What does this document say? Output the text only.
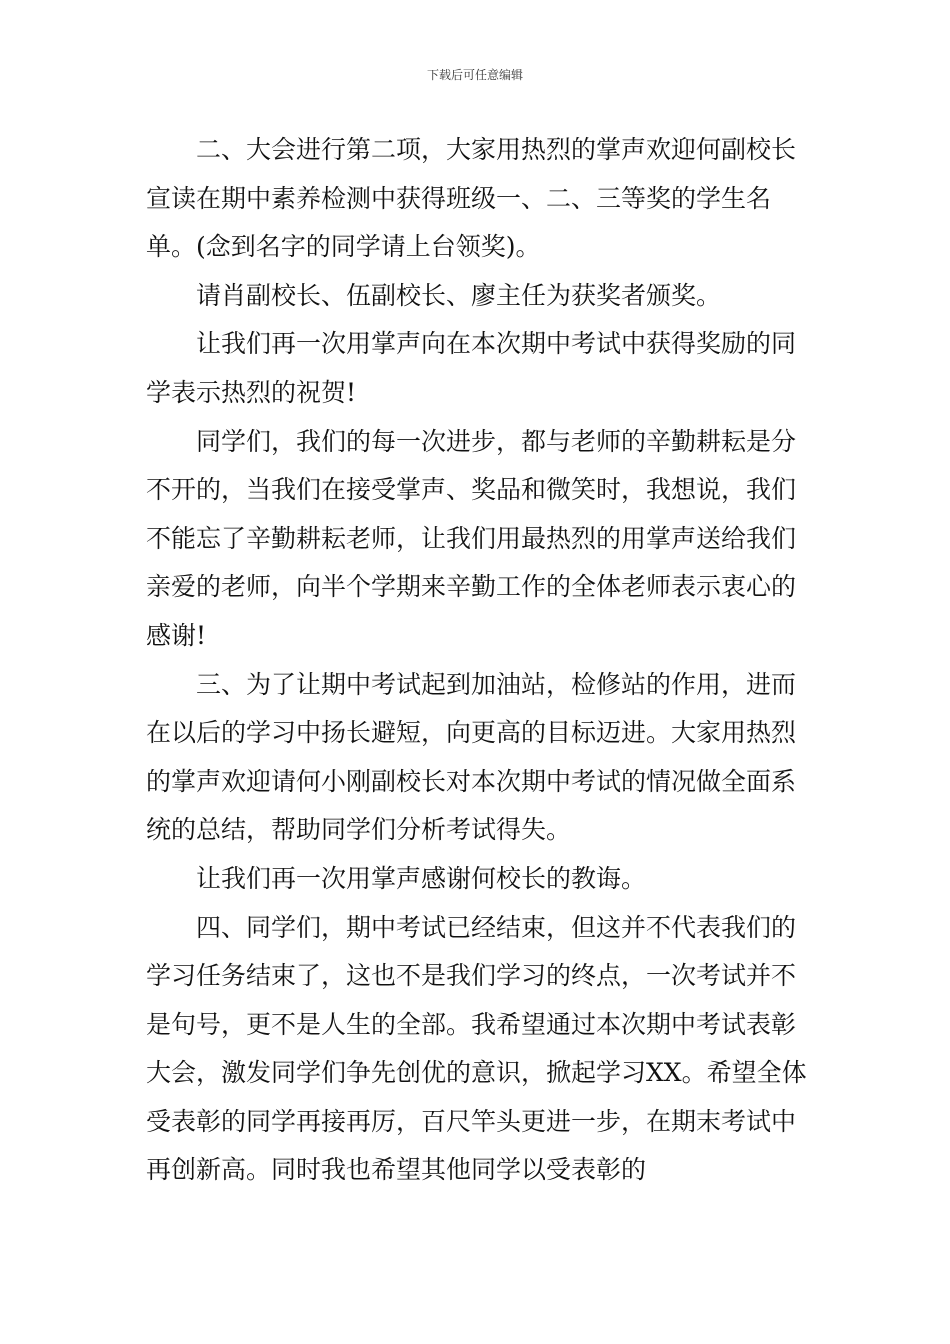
下载后可任意编辑

二、大会进行第二项，大家用热烈的掌声欢迎何副校长宣读在期中素养检测中获得班级一、二、三等奖的学生名单。(念到名字的同学请上台领奖)。

请肖副校长、伍副校长、廖主任为获奖者颁奖。

让我们再一次用掌声向在本次期中考试中获得奖励的同学表示热烈的祝贺!

同学们，我们的每一次进步，都与老师的辛勤耕耘是分不开的，当我们在接受掌声、奖品和微笑时，我想说，我们不能忘了辛勤耕耘老师，让我们用最热烈的用掌声送给我们亲爱的老师，向半个学期来辛勤工作的全体老师表示衷心的感谢!

三、为了让期中考试起到加油站，检修站的作用，进而在以后的学习中扬长避短，向更高的目标迈进。大家用热烈的掌声欢迎请何小刚副校长对本次期中考试的情况做全面系统的总结，帮助同学们分析考试得失。

让我们再一次用掌声感谢何校长的教诲。

四、同学们，期中考试已经结束，但这并不代表我们的学习任务结束了，这也不是我们学习的终点，一次考试并不是句号，更不是人生的全部。我希望通过本次期中考试表彰大会，激发同学们争先创优的意识，掀起学习XX。希望全体受表彰的同学再接再厉，百尺竿头更进一步，在期末考试中再创新高。同时我也希望其他同学以受表彰的
